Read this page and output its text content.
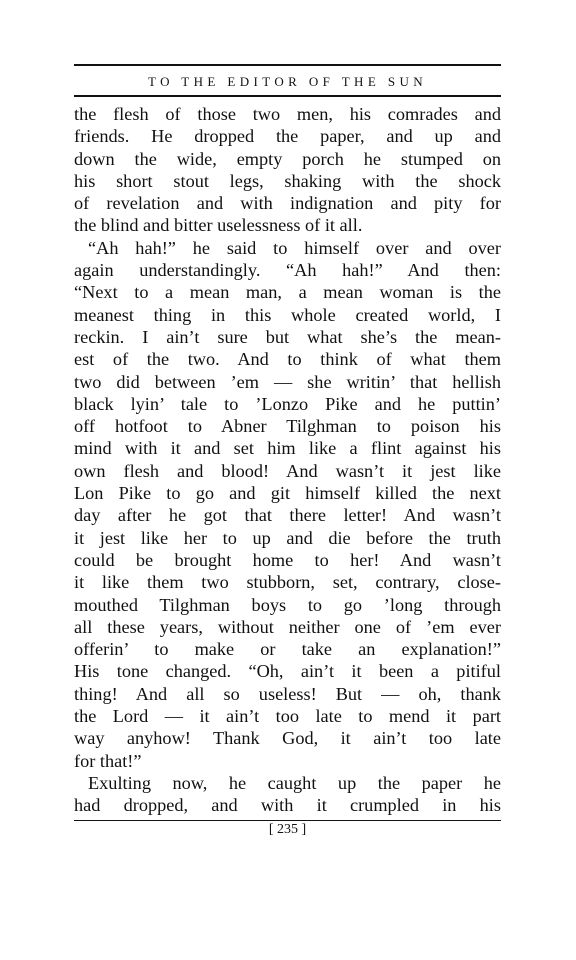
TO THE EDITOR OF THE SUN
the flesh of those two men, his comrades and
friends. He dropped the paper, and up and
down the wide, empty porch he stumped on
his short stout legs, shaking with the shock
of revelation and with indignation and pity for
the blind and bitter uselessness of it all.
“Ah hah!” he said to himself over and over
again understandingly. “Ah hah!” And then:
“Next to a mean man, a mean woman is the
meanest thing in this whole created world, I
reckin. I ain’t sure but what she’s the mean-
est of the two. And to think of what them
two did between ’em — she writin’ that hellish
black lyin’ tale to ’Lonzo Pike and he puttin’
off hotfoot to Abner Tilghman to poison his
mind with it and set him like a flint against his
own flesh and blood! And wasn’t it jest like
Lon Pike to go and git himself killed the next
day after he got that there letter! And wasn’t
it jest like her to up and die before the truth
could be brought home to her! And wasn’t
it like them two stubborn, set, contrary, close-
mouthed Tilghman boys to go ’long through
all these years, without neither one of ’em ever
offerin’ to make or take an explanation!”
His tone changed. “Oh, ain’t it been a pitiful
thing! And all so useless! But — oh, thank
the Lord — it ain’t too late to mend it part
way anyhow! Thank God, it ain’t too late
for that!”
Exulting now, he caught up the paper he
had dropped, and with it crumpled in his
[ 235 ]
